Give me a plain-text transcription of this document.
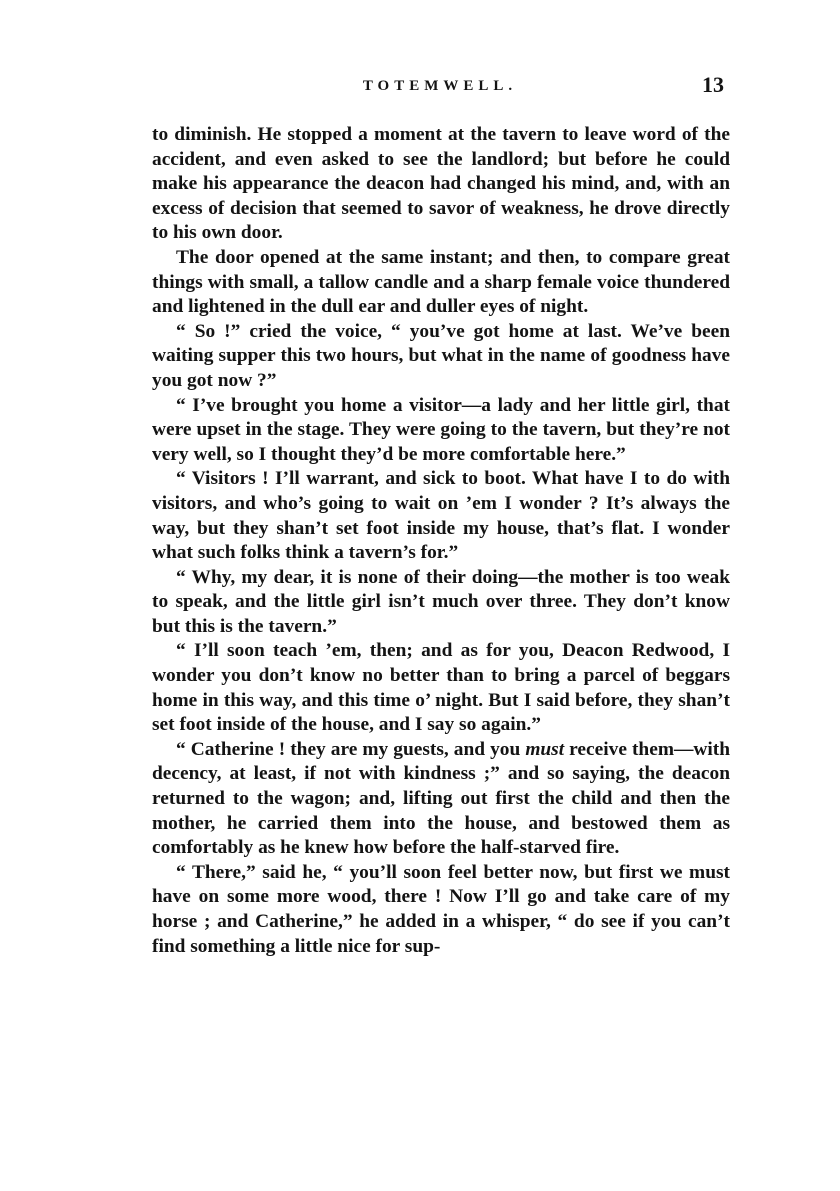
TOTEMWELL.	13

to diminish. He stopped a moment at the tavern to leave word of the accident, and even asked to see the landlord; but before he could make his appearance the deacon had changed his mind, and, with an excess of decision that seemed to savor of weakness, he drove directly to his own door.

The door opened at the same instant; and then, to compare great things with small, a tallow candle and a sharp female voice thundered and lightened in the dull ear and duller eyes of night.

“ So !” cried the voice, “ you’ve got home at last. We’ve been waiting supper this two hours, but what in the name of goodness have you got now ?”

“ I’ve brought you home a visitor—a lady and her little girl, that were upset in the stage. They were going to the tavern, but they’re not very well, so I thought they’d be more comfortable here.”

“ Visitors ! I’ll warrant, and sick to boot. What have I to do with visitors, and who’s going to wait on ’em I wonder ? It’s always the way, but they shan’t set foot inside my house, that’s flat. I wonder what such folks think a tavern’s for.”

“ Why, my dear, it is none of their doing—the mother is too weak to speak, and the little girl isn’t much over three. They don’t know but this is the tavern.”

“ I’ll soon teach ’em, then; and as for you, Deacon Redwood, I wonder you don’t know no better than to bring a parcel of beggars home in this way, and this time o’ night. But I said before, they shan’t set foot inside of the house, and I say so again.”

“ Catherine ! they are my guests, and you must receive them—with decency, at least, if not with kindness ;” and so saying, the deacon returned to the wagon; and, lifting out first the child and then the mother, he carried them into the house, and bestowed them as comfortably as he knew how before the half-starved fire.

“ There,” said he, “ you’ll soon feel better now, but first we must have on some more wood, there ! Now I’ll go and take care of my horse ; and Catherine,” he added in a whisper, “ do see if you can’t find something a little nice for sup-
